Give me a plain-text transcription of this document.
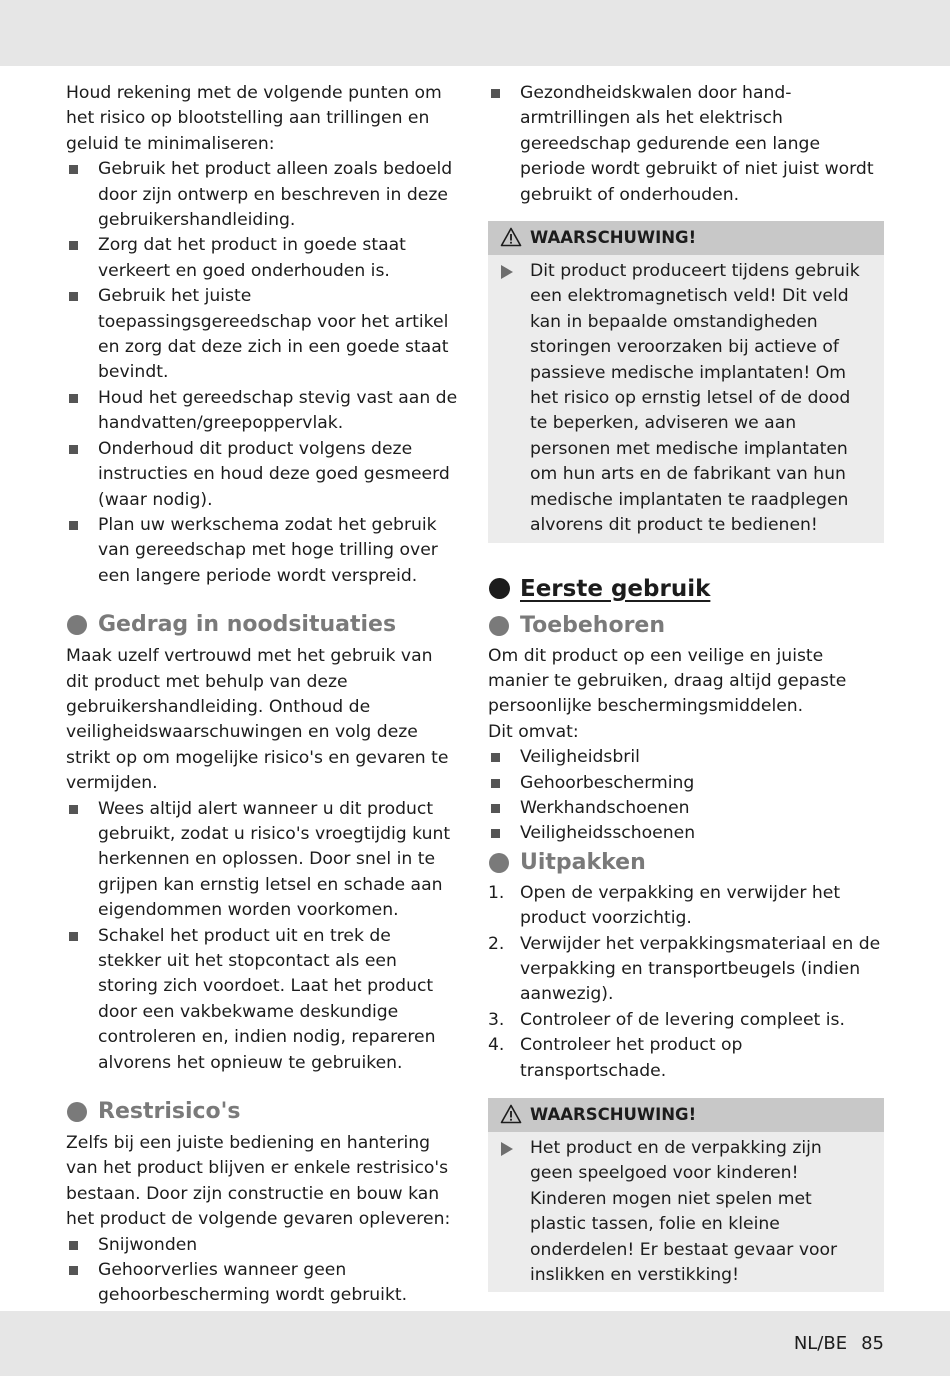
Houd rekening met de volgende punten om het risico op blootstelling aan trillingen en geluid te minimaliseren:

Gebruik het product alleen zoals bedoeld door zijn ontwerp en beschreven in deze gebruikershandleiding.
Zorg dat het product in goede staat verkeert en goed onderhouden is.
Gebruik het juiste toepassingsgereedschap voor het artikel en zorg dat deze zich in een goede staat bevindt.
Houd het gereedschap stevig vast aan de handvatten/greepoppervlak.
Onderhoud dit product volgens deze instructies en houd deze goed gesmeerd (waar nodig).
Plan uw werkschema zodat het gebruik van gereedschap met hoge trilling over een langere periode wordt verspreid.
Gedrag in noodsituaties

Maak uzelf vertrouwd met het gebruik van dit product met behulp van deze gebruikershandleiding. Onthoud de veiligheidswaarschuwingen en volg deze strikt op om mogelijke risico's en gevaren te vermijden.

Wees altijd alert wanneer u dit product gebruikt, zodat u risico's vroegtijdig kunt herkennen en oplossen. Door snel in te grijpen kan ernstig letsel en schade aan eigendommen worden voorkomen.
Schakel het product uit en trek de stekker uit het stopcontact als een storing zich voordoet. Laat het product door een vakbekwame deskundige controleren en, indien nodig, repareren alvorens het opnieuw te gebruiken.
Restrisico's

Zelfs bij een juiste bediening en hantering van het product blijven er enkele restrisico's bestaan. Door zijn constructie en bouw kan het product de volgende gevaren opleveren:

Snijwonden
Gehoorverlies wanneer geen gehoorbescherming wordt gebruikt.
Gezondheidskwalen door hand-armtrillingen als het elektrisch gereedschap gedurende een lange periode wordt gebruikt of niet juist wordt gebruikt of onderhouden.
WAARSCHUWING!
Dit product produceert tijdens gebruik een elektromagnetisch veld! Dit veld kan in bepaalde omstandigheden storingen veroorzaken bij actieve of passieve medische implantaten! Om het risico op ernstig letsel of de dood te beperken, adviseren we aan personen met medische implantaten om hun arts en de fabrikant van hun medische implantaten te raadplegen alvorens dit product te bedienen!
Eerste gebruik
Toebehoren

Om dit product op een veilige en juiste manier te gebruiken, draag altijd gepaste persoonlijke beschermingsmiddelen.

Dit omvat:

Veiligheidsbril
Gehoorbescherming
Werkhandschoenen
Veiligheidsschoenen
Uitpakken
1. Open de verpakking en verwijder het product voorzichtig.
2. Verwijder het verpakkingsmateriaal en de verpakking en transportbeugels (indien aanwezig).
3. Controleer of de levering compleet is.
4. Controleer het product op transportschade.
WAARSCHUWING!
Het product en de verpakking zijn geen speelgoed voor kinderen! Kinderen mogen niet spelen met plastic tassen, folie en kleine onderdelen! Er bestaat gevaar voor inslikken en verstikking!
NL/BE 85
